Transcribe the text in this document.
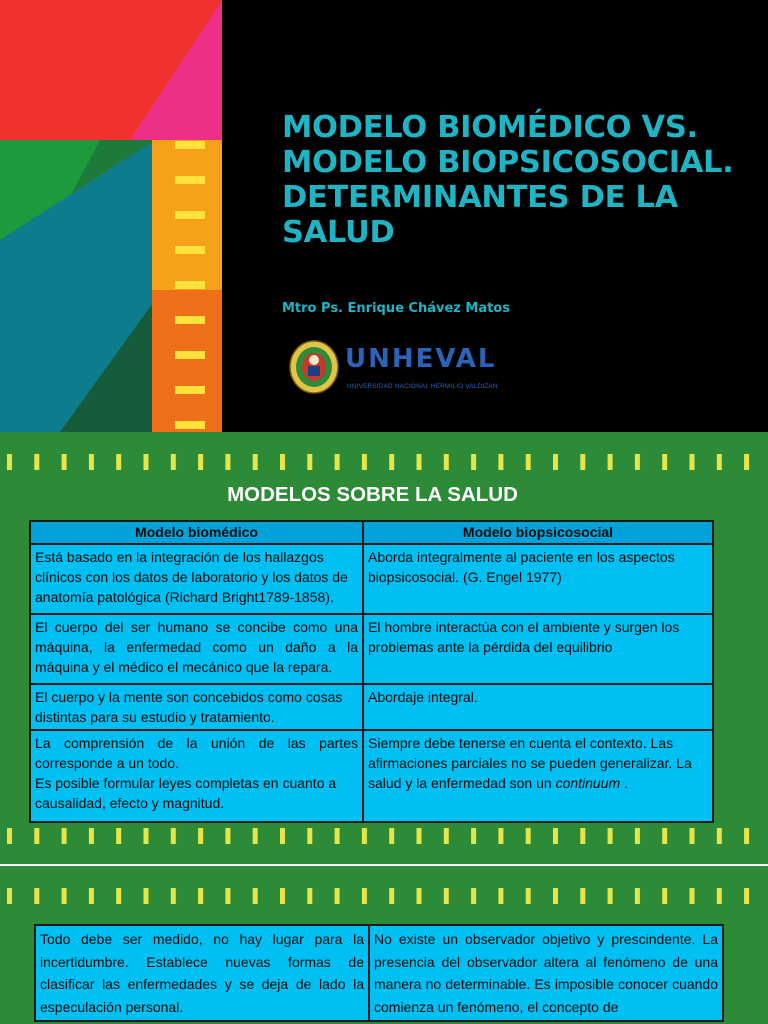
MODELO BIOMÉDICO VS. MODELO BIOPSICOSOCIAL. DETERMINANTES DE LA SALUD
Mtro Ps. Enrique Chávez Matos
UNHEVAL
UNIVERSIDAD NACIONAL HERMILIO VALDIZAN
MODELOS SOBRE LA SALUD
Modelo biomédico	Modelo biopsicosocial
Está basado en la integración de los hallazgos clínicos con los datos de laboratorio y los datos de anatomía patológica (Richard Bright1789-1858).	Aborda integralmente al paciente en los aspectos biopsicosocial. (G. Engel 1977)
El cuerpo del ser humano se concibe como una máquina, la enfermedad como un daño a la máquina y el médico el mecánico que la repara.	El hombre interactúa con el ambiente y surgen los problemas ante la pérdida del equilibrio
El cuerpo y la mente son concebidos como cosas distintas para su estudio y tratamiento.	Abordaje integral.

La comprensión de la unión de las partes corresponde a un todo.
Es posible formular leyes completas en cuanto a causalidad, efecto y magnitud.	Siempre debe tenerse en cuenta el contexto. Las afirmaciones parciales no se pueden generalizar. La salud y la enfermedad son un continuum .
Todo debe ser medido, no hay lugar para la incertidumbre. Establece nuevas formas de clasificar las enfermedades y se deja de lado la especulación personal.	No existe un observador objetivo y prescindente. La presencia del observador altera al fenómeno de una manera no determinable. Es imposible conocer cuando comienza un fenómeno, el concepto de
